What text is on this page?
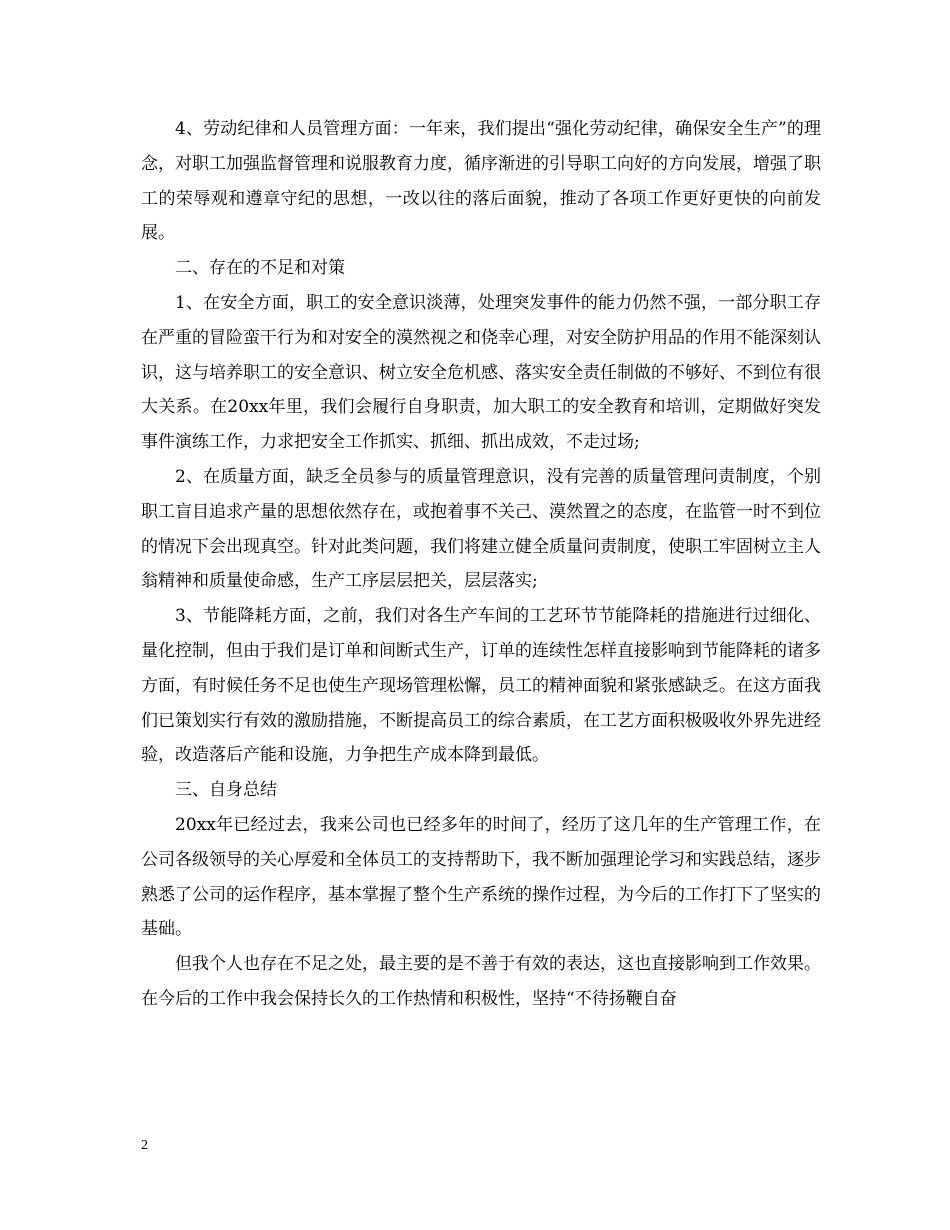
4、劳动纪律和人员管理方面：一年来，我们提出“强化劳动纪律，确保安全生产”的理念，对职工加强监督管理和说服教育力度，循序渐进的引导职工向好的方向发展，增强了职工的荣辱观和遵章守纪的思想，一改以往的落后面貌，推动了各项工作更好更快的向前发展。

二、存在的不足和对策

1、在安全方面，职工的安全意识淡薄，处理突发事件的能力仍然不强，一部分职工存在严重的冒险蛮干行为和对安全的漠然视之和侥幸心理，对安全防护用品的作用不能深刻认识，这与培养职工的安全意识、树立安全危机感、落实安全责任制做的不够好、不到位有很大关系。在20xx年里，我们会履行自身职责，加大职工的安全教育和培训，定期做好突发事件演练工作，力求把安全工作抓实、抓细、抓出成效，不走过场;

2、在质量方面，缺乏全员参与的质量管理意识，没有完善的质量管理问责制度，个别职工盲目追求产量的思想依然存在，或抱着事不关己、漠然置之的态度，在监管一时不到位的情况下会出现真空。针对此类问题，我们将建立健全质量问责制度，使职工牢固树立主人翁精神和质量使命感，生产工序层层把关，层层落实;

3、节能降耗方面，之前，我们对各生产车间的工艺环节节能降耗的措施进行过细化、量化控制，但由于我们是订单和间断式生产，订单的连续性怎样直接影响到节能降耗的诸多方面，有时候任务不足也使生产现场管理松懈，员工的精神面貌和紧张感缺乏。在这方面我们已策划实行有效的激励措施，不断提高员工的综合素质，在工艺方面积极吸收外界先进经验，改造落后产能和设施，力争把生产成本降到最低。

三、自身总结

20xx年已经过去，我来公司也已经多年的时间了，经历了这几年的生产管理工作，在公司各级领导的关心厚爱和全体员工的支持帮助下，我不断加强理论学习和实践总结，逐步熟悉了公司的运作程序，基本掌握了整个生产系统的操作过程，为今后的工作打下了坚实的基础。

但我个人也存在不足之处，最主要的是不善于有效的表达，这也直接影响到工作效果。在今后的工作中我会保持长久的工作热情和积极性，坚持“不待扬鞭自奋

2
